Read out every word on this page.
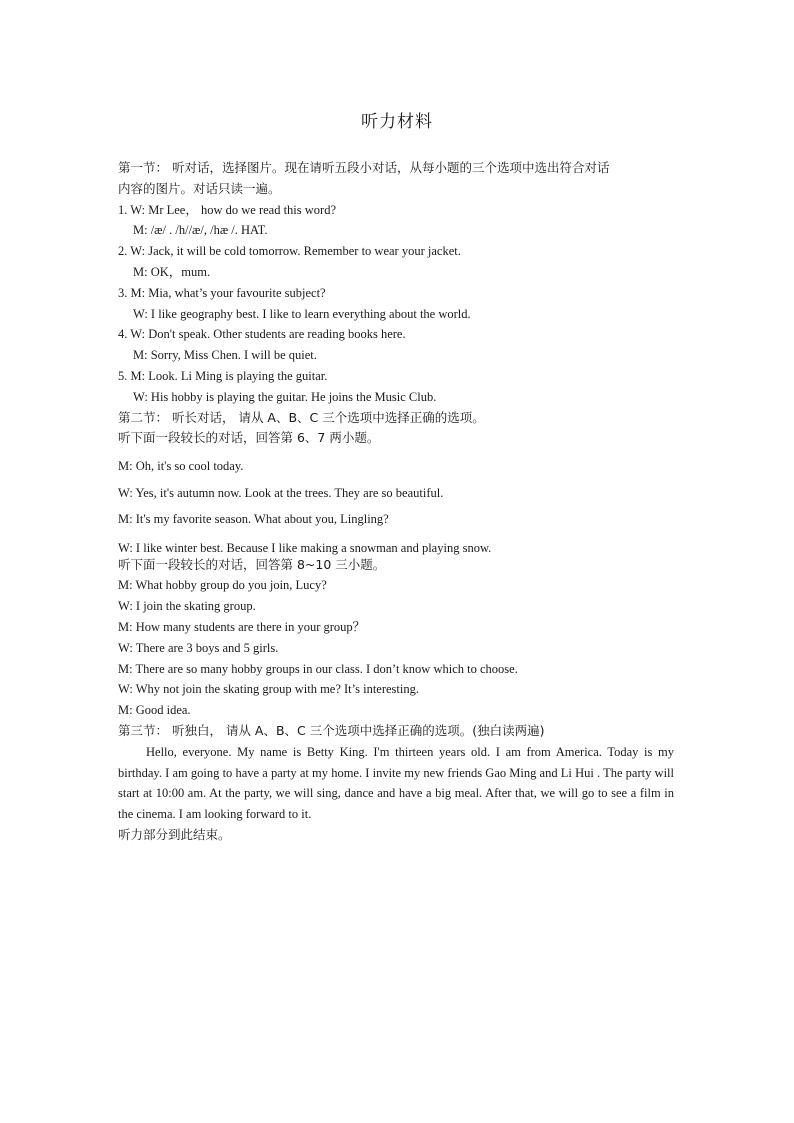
听力材料
第一节： 听对话，选择图片。现在请听五段小对话，从每小题的三个选项中选出符合对话
内容的图片。对话只读一遍。
1. W: Mr Lee， how do we read this word?
M: /æ/ . /h//æ/, /hæ /. HAT.
2. W: Jack, it will be cold tomorrow. Remember to wear your jacket.
M: OK，mum.
3. M: Mia, what’s your favourite subject?
W: I like geography best. I like to learn everything about the world.
4. W: Don't speak. Other students are reading books here.
M: Sorry, Miss Chen. I will be quiet.
5. M: Look. Li Ming is playing the guitar.
W: His hobby is playing the guitar. He joins the Music Club.
第二节： 听长对话， 请从 A、B、C 三个选项中选择正确的选项。
听下面一段较长的对话，回答第 6、7 两小题。
M: Oh, it's so cool today.
W: Yes, it's autumn now. Look at the trees. They are so beautiful.
M: It's my favorite season. What about you, Lingling?
W: I like winter best. Because I like making a snowman and playing snow.
听下面一段较长的对话，回答第 8~10 三小题。
M: What hobby group do you join, Lucy?
W: I join the skating group.
M: How many students are there in your group？
W: There are 3 boys and 5 girls.
M: There are so many hobby groups in our class. I don’t know which to choose.
W: Why not join the skating group with me? It’s interesting.
M: Good idea.
第三节： 听独白， 请从 A、B、C 三个选项中选择正确的选项。(独白读两遍)
Hello, everyone. My name is Betty King. I'm thirteen years old. I am from America. Today is my birthday. I am going to have a party at my home. I invite my new friends Gao Ming and Li Hui . The party will start at 10:00 am. At the party, we will sing, dance and have a big meal. After that, we will go to see a film in the cinema. I am looking forward to it.
听力部分到此结束。
